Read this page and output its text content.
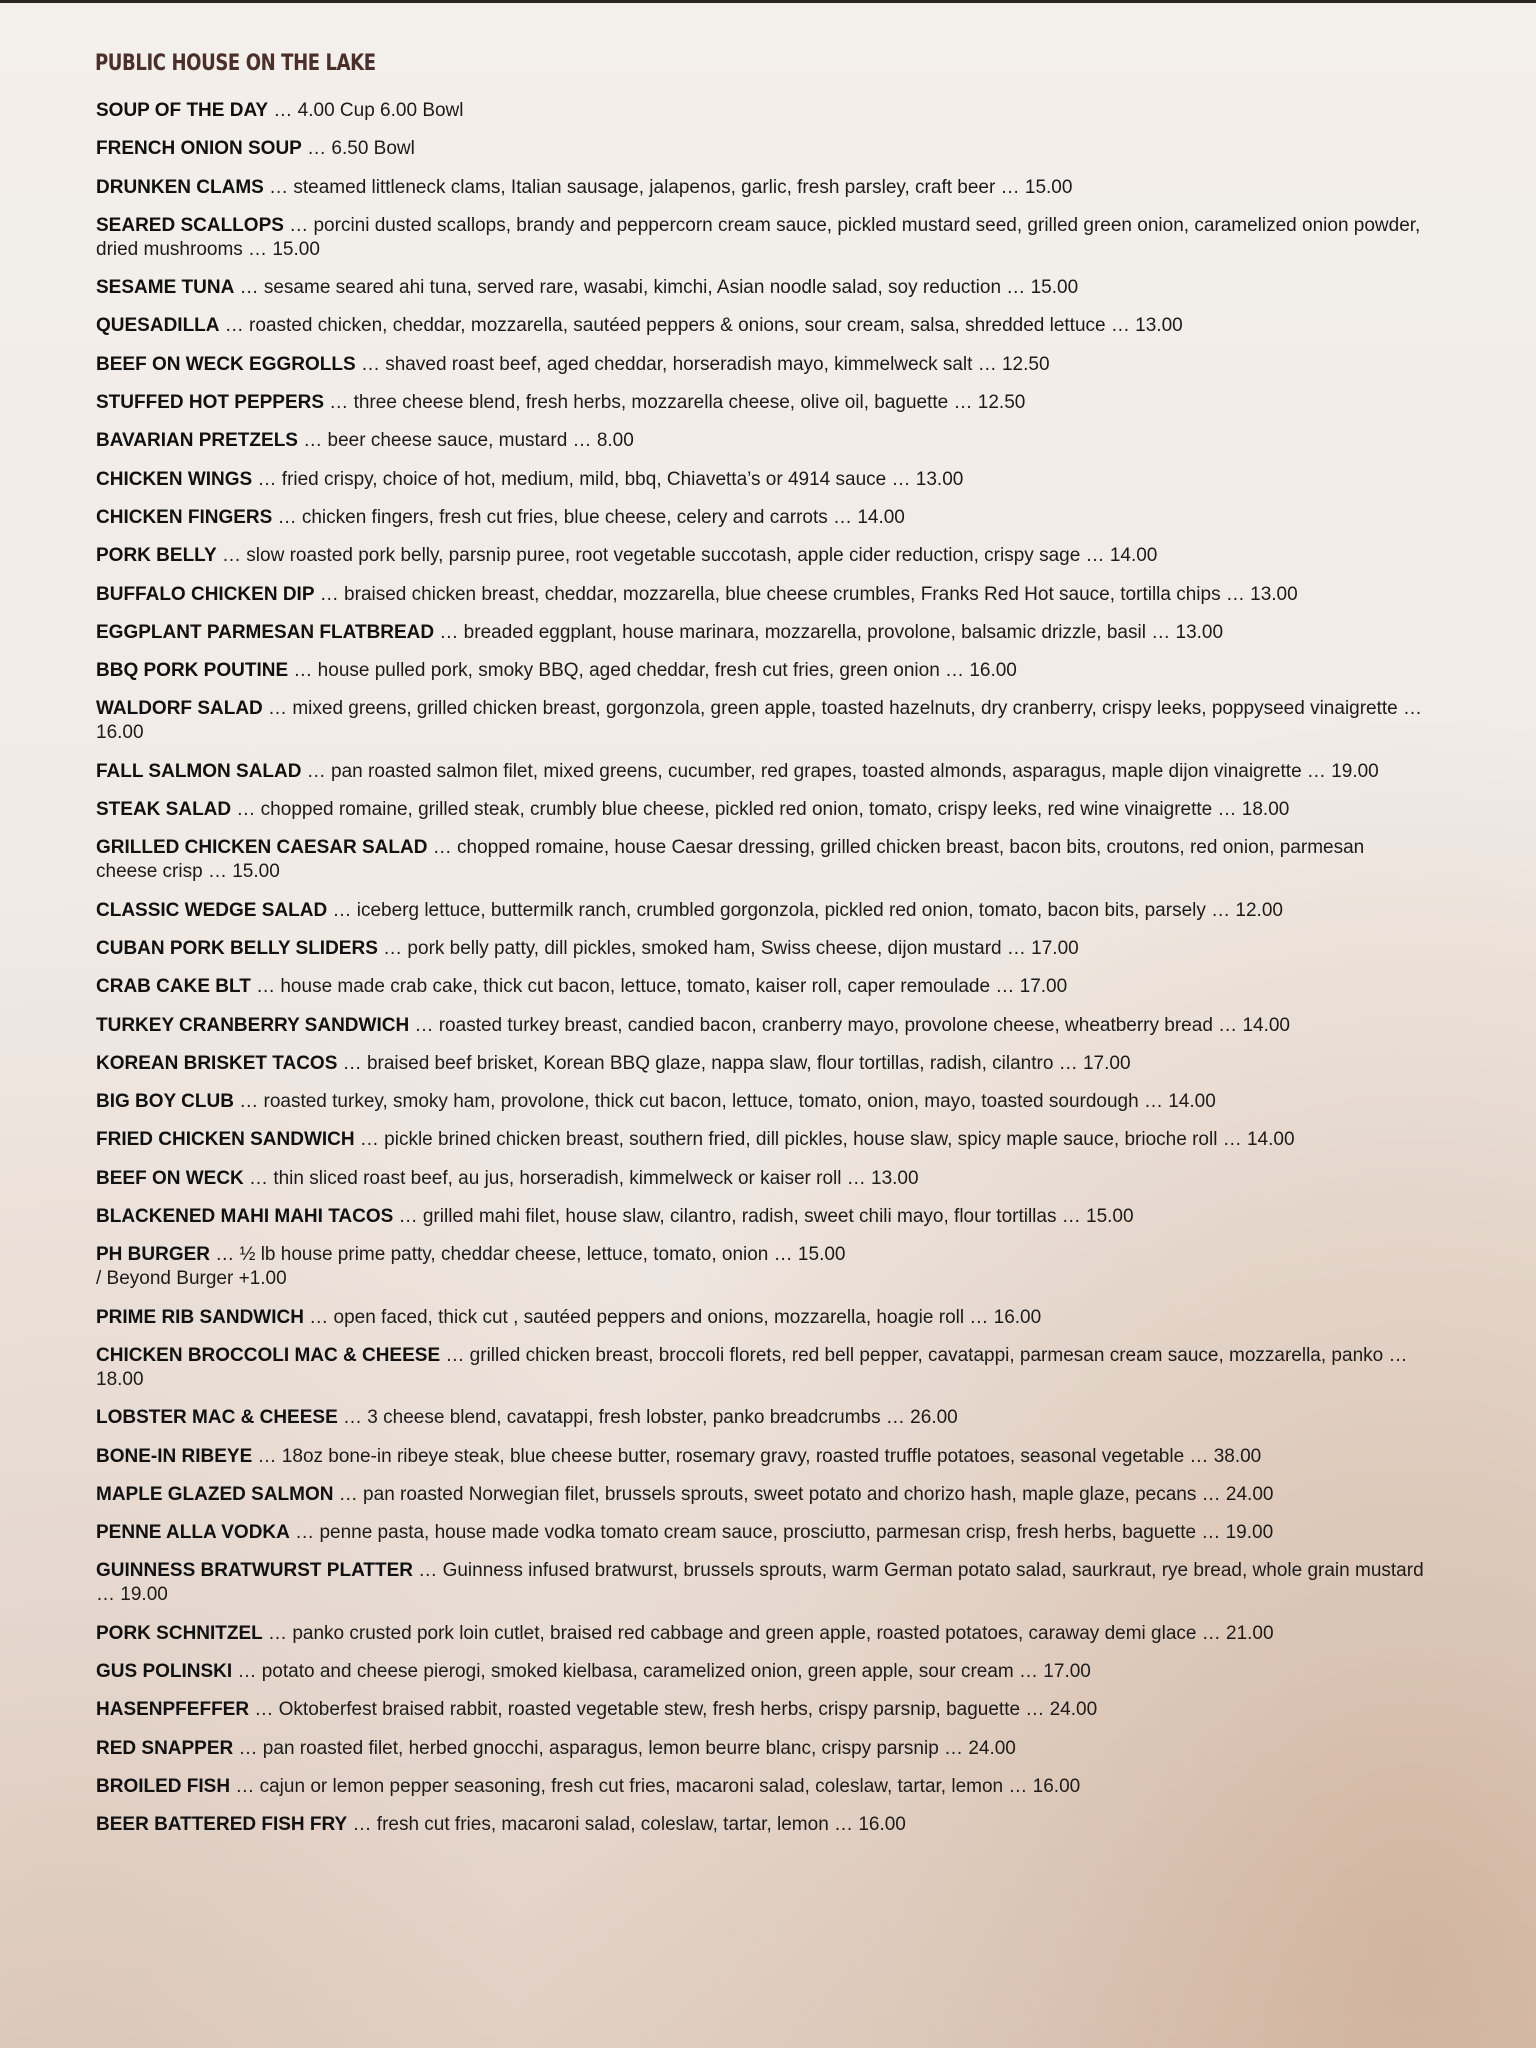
PUBLIC HOUSE ON THE LAKE
SOUP OF THE DAY … 4.00 Cup 6.00 Bowl
FRENCH ONION SOUP … 6.50 Bowl
DRUNKEN CLAMS … steamed littleneck clams, Italian sausage, jalapenos, garlic, fresh parsley, craft beer … 15.00
SEARED SCALLOPS … porcini dusted scallops, brandy and peppercorn cream sauce, pickled mustard seed, grilled green onion, caramelized onion powder, dried mushrooms … 15.00
SESAME TUNA … sesame seared ahi tuna, served rare, wasabi, kimchi, Asian noodle salad, soy reduction … 15.00
QUESADILLA … roasted chicken, cheddar, mozzarella, sautéed peppers & onions, sour cream, salsa, shredded lettuce … 13.00
BEEF ON WECK EGGROLLS … shaved roast beef, aged cheddar, horseradish mayo, kimmelweck salt … 12.50
STUFFED HOT PEPPERS … three cheese blend, fresh herbs, mozzarella cheese, olive oil, baguette … 12.50
BAVARIAN PRETZELS … beer cheese sauce, mustard … 8.00
CHICKEN WINGS … fried crispy, choice of hot, medium, mild, bbq, Chiavetta’s or 4914 sauce … 13.00
CHICKEN FINGERS … chicken fingers, fresh cut fries, blue cheese, celery and carrots … 14.00
PORK BELLY … slow roasted pork belly, parsnip puree, root vegetable succotash, apple cider reduction, crispy sage … 14.00
BUFFALO CHICKEN DIP … braised chicken breast, cheddar, mozzarella, blue cheese crumbles, Franks Red Hot sauce, tortilla chips … 13.00
EGGPLANT PARMESAN FLATBREAD … breaded eggplant, house marinara, mozzarella, provolone, balsamic drizzle, basil … 13.00
BBQ PORK POUTINE … house pulled pork, smoky BBQ, aged cheddar, fresh cut fries, green onion … 16.00
WALDORF SALAD … mixed greens, grilled chicken breast, gorgonzola, green apple, toasted hazelnuts, dry cranberry, crispy leeks, poppyseed vinaigrette … 16.00
FALL SALMON SALAD … pan roasted salmon filet, mixed greens, cucumber, red grapes, toasted almonds, asparagus, maple dijon vinaigrette … 19.00
STEAK SALAD … chopped romaine, grilled steak, crumbly blue cheese, pickled red onion, tomato, crispy leeks, red wine vinaigrette … 18.00
GRILLED CHICKEN CAESAR SALAD … chopped romaine, house Caesar dressing, grilled chicken breast, bacon bits, croutons, red onion, parmesan cheese crisp … 15.00
CLASSIC WEDGE SALAD … iceberg lettuce, buttermilk ranch, crumbled gorgonzola, pickled red onion, tomato, bacon bits, parsely … 12.00
CUBAN PORK BELLY SLIDERS … pork belly patty, dill pickles, smoked ham, Swiss cheese, dijon mustard … 17.00
CRAB CAKE BLT … house made crab cake, thick cut bacon, lettuce, tomato, kaiser roll, caper remoulade … 17.00
TURKEY CRANBERRY SANDWICH … roasted turkey breast, candied bacon, cranberry mayo, provolone cheese, wheatberry bread … 14.00
KOREAN BRISKET TACOS … braised beef brisket, Korean BBQ glaze, nappa slaw, flour tortillas, radish, cilantro … 17.00
BIG BOY CLUB … roasted turkey, smoky ham, provolone, thick cut bacon, lettuce, tomato, onion, mayo, toasted sourdough … 14.00
FRIED CHICKEN SANDWICH … pickle brined chicken breast, southern fried, dill pickles, house slaw, spicy maple sauce, brioche roll … 14.00
BEEF ON WECK … thin sliced roast beef, au jus, horseradish, kimmelweck or kaiser roll … 13.00
BLACKENED MAHI MAHI TACOS … grilled mahi filet, house slaw, cilantro, radish, sweet chili mayo, flour tortillas … 15.00
PH BURGER … ½ lb house prime patty, cheddar cheese, lettuce, tomato, onion … 15.00
/ Beyond Burger +1.00
PRIME RIB SANDWICH … open faced, thick cut , sautéed peppers and onions, mozzarella, hoagie roll … 16.00
CHICKEN BROCCOLI MAC & CHEESE … grilled chicken breast, broccoli florets, red bell pepper, cavatappi, parmesan cream sauce, mozzarella, panko … 18.00
LOBSTER MAC & CHEESE … 3 cheese blend, cavatappi, fresh lobster, panko breadcrumbs … 26.00
BONE-IN RIBEYE … 18oz bone-in ribeye steak, blue cheese butter, rosemary gravy, roasted truffle potatoes, seasonal vegetable … 38.00
MAPLE GLAZED SALMON … pan roasted Norwegian filet, brussels sprouts, sweet potato and chorizo hash, maple glaze, pecans … 24.00
PENNE ALLA VODKA … penne pasta, house made vodka tomato cream sauce, prosciutto, parmesan crisp, fresh herbs, baguette … 19.00
GUINNESS BRATWURST PLATTER … Guinness infused bratwurst, brussels sprouts, warm German potato salad, saurkraut, rye bread, whole grain mustard … 19.00
PORK SCHNITZEL … panko crusted pork loin cutlet, braised red cabbage and green apple, roasted potatoes, caraway demi glace … 21.00
GUS POLINSKI … potato and cheese pierogi, smoked kielbasa, caramelized onion, green apple, sour cream … 17.00
HASENPFEFFER … Oktoberfest braised rabbit, roasted vegetable stew, fresh herbs, crispy parsnip, baguette … 24.00
RED SNAPPER … pan roasted filet, herbed gnocchi, asparagus, lemon beurre blanc, crispy parsnip … 24.00
BROILED FISH … cajun or lemon pepper seasoning, fresh cut fries, macaroni salad, coleslaw, tartar, lemon … 16.00
BEER BATTERED FISH FRY … fresh cut fries, macaroni salad, coleslaw, tartar, lemon … 16.00
